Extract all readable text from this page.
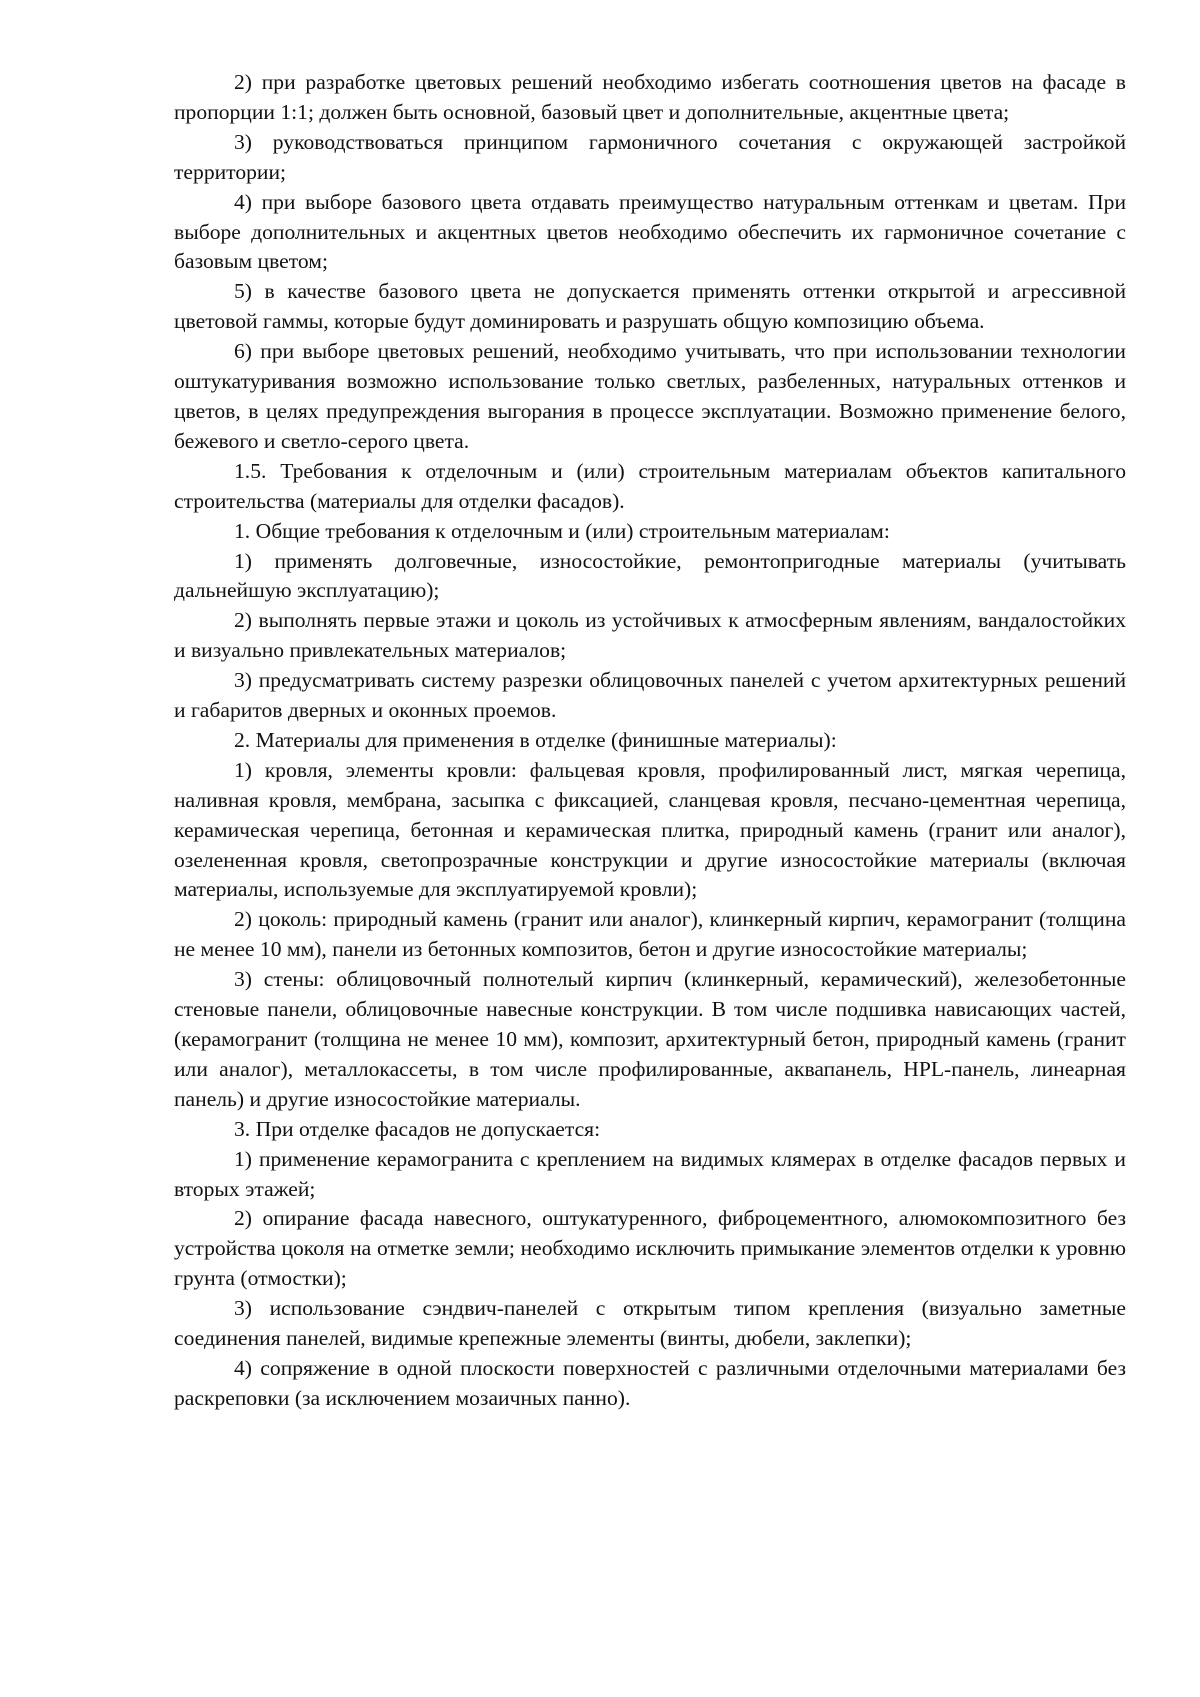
2) при разработке цветовых решений необходимо избегать соотношения цветов на фасаде в пропорции 1:1; должен быть основной, базовый цвет и дополнительные, акцентные цвета;

3) руководствоваться принципом гармоничного сочетания с окружающей застройкой территории;

4) при выборе базового цвета отдавать преимущество натуральным оттенкам и цветам. При выборе дополнительных и акцентных цветов необходимо обеспечить их гармоничное сочетание с базовым цветом;

5) в качестве базового цвета не допускается применять оттенки открытой и агрессивной цветовой гаммы, которые будут доминировать и разрушать общую композицию объема.

6) при выборе цветовых решений, необходимо учитывать, что при использовании технологии оштукатуривания возможно использование только светлых, разбеленных, натуральных оттенков и цветов, в целях предупреждения выгорания в процессе эксплуатации. Возможно применение белого, бежевого и светло-серого цвета.

1.5. Требования к отделочным и (или) строительным материалам объектов капитального строительства (материалы для отделки фасадов).

1. Общие требования к отделочным и (или) строительным материалам:

1) применять долговечные, износостойкие, ремонтопригодные материалы (учитывать дальнейшую эксплуатацию);

2) выполнять первые этажи и цоколь из устойчивых к атмосферным явлениям, вандалостойких и визуально привлекательных материалов;

3) предусматривать систему разрезки облицовочных панелей с учетом архитектурных решений и габаритов дверных и оконных проемов.

2. Материалы для применения в отделке (финишные материалы):

1) кровля, элементы кровли: фальцевая кровля, профилированный лист, мягкая черепица, наливная кровля, мембрана, засыпка с фиксацией, сланцевая кровля, песчано-цементная черепица, керамическая черепица, бетонная и керамическая плитка, природный камень (гранит или аналог), озелененная кровля, светопрозрачные конструкции и другие износостойкие материалы (включая материалы, используемые для эксплуатируемой кровли);

2) цоколь: природный камень (гранит или аналог), клинкерный кирпич, керамогранит (толщина не менее 10 мм), панели из бетонных композитов, бетон и другие износостойкие материалы;

3) стены: облицовочный полнотелый кирпич (клинкерный, керамический), железобетонные стеновые панели, облицовочные навесные конструкции. В том числе подшивка нависающих частей, (керамогранит (толщина не менее 10 мм), композит, архитектурный бетон, природный камень (гранит или аналог), металлокассеты, в том числе профилированные, аквапанель, HPL-панель, линеарная панель) и другие износостойкие материалы.

3. При отделке фасадов не допускается:

1) применение керамогранита с креплением на видимых клямерах в отделке фасадов первых и вторых этажей;

2) опирание фасада навесного, оштукатуренного, фиброцементного, алюмокомпозитного без устройства цоколя на отметке земли; необходимо исключить примыкание элементов отделки к уровню грунта (отмостки);

3) использование сэндвич-панелей с открытым типом крепления (визуально заметные соединения панелей, видимые крепежные элементы (винты, дюбели, заклепки);

4) сопряжение в одной плоскости поверхностей с различными отделочными материалами без раскреповки (за исключением мозаичных панно).
